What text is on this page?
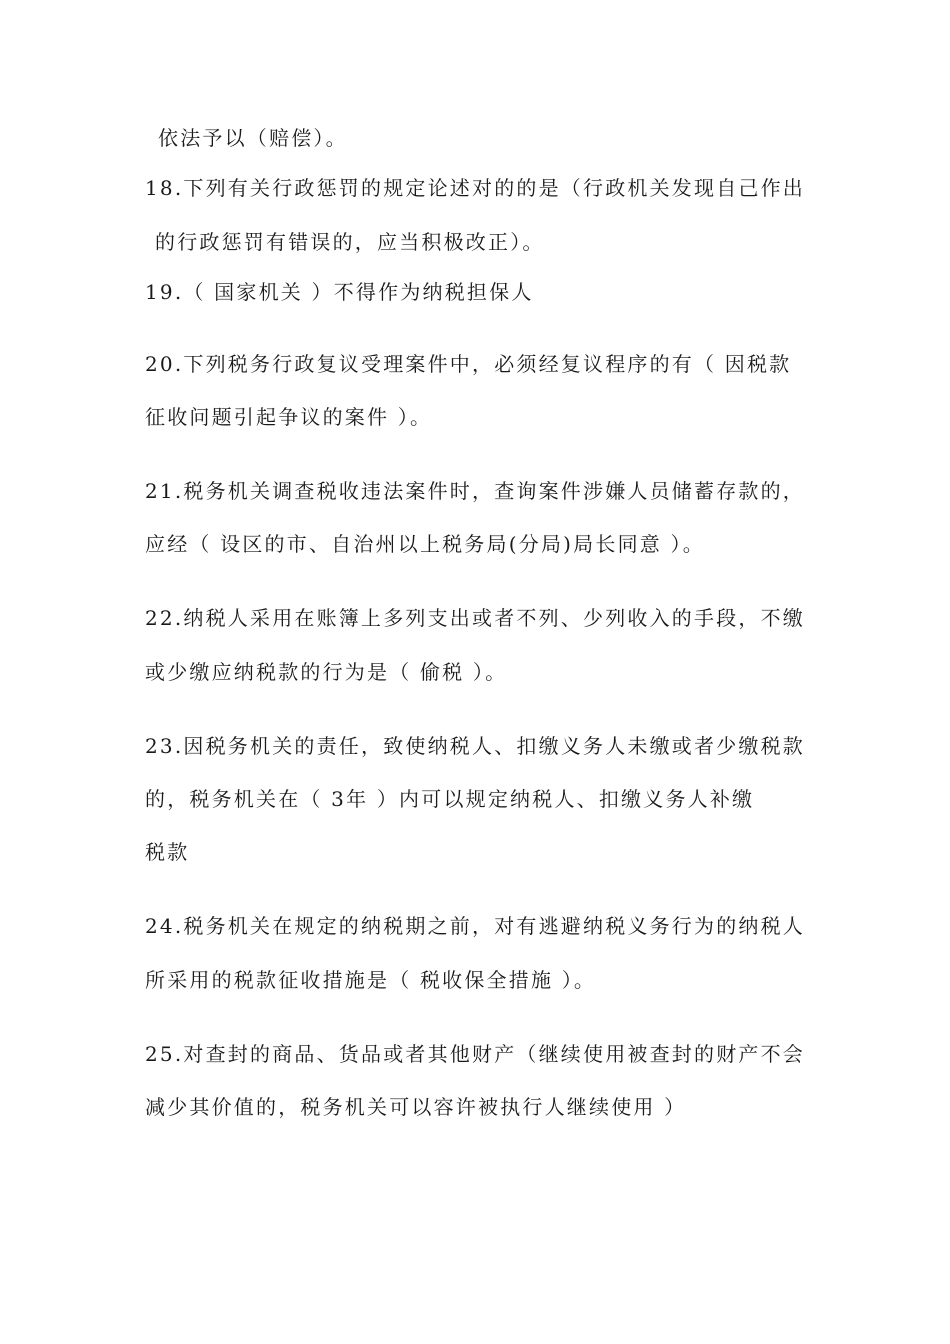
依法予以（赔偿）。
18.下列有关行政惩罚的规定论述对的的是（行政机关发现自己作出
的行政惩罚有错误的，应当积极改正）。
19.（ 国家机关 ）不得作为纳税担保人
20.下列税务行政复议受理案件中，必须经复议程序的有（ 因税款
征收问题引起争议的案件 ）。
21.税务机关调查税收违法案件时，查询案件涉嫌人员储蓄存款的，
应经（ 设区的市、自治州以上税务局(分局)局长同意 ）。
22.纳税人采用在账簿上多列支出或者不列、少列收入的手段，不缴
或少缴应纳税款的行为是（ 偷税 ）。
23.因税务机关的责任，致使纳税人、扣缴义务人未缴或者少缴税款
的，税务机关在（ 3年 ）内可以规定纳税人、扣缴义务人补缴
税款
24.税务机关在规定的纳税期之前，对有逃避纳税义务行为的纳税人
所采用的税款征收措施是（ 税收保全措施 ）。
25.对查封的商品、货品或者其他财产（继续使用被查封的财产不会
减少其价值的，税务机关可以容许被执行人继续使用 ）
